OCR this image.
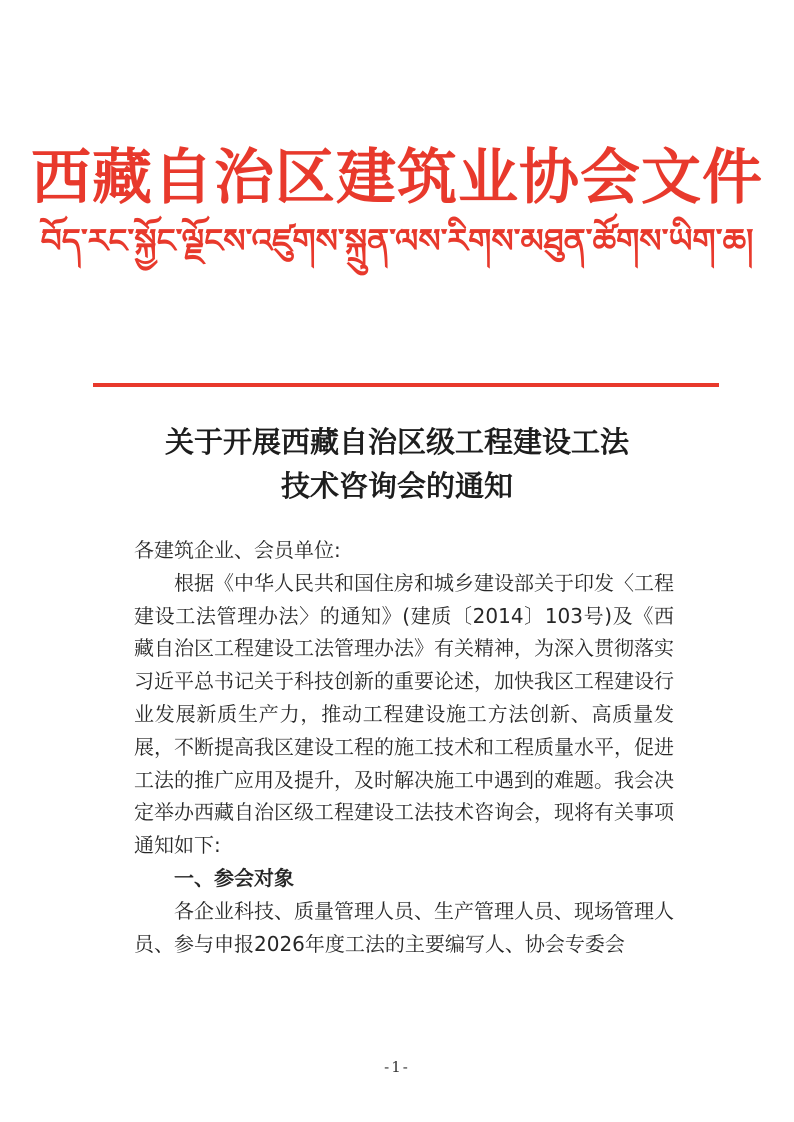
西藏自治区建筑业协会文件
བོད་རང་སྐྱོང་ལྗོངས་འཛུགས་སྐྲུན་ལས་རིགས་མཐུན་ཚོགས་ཡིག་ཆ།
关于开展西藏自治区级工程建设工法
技术咨询会的通知

各建筑企业、会员单位:

根据《中华人民共和国住房和城乡建设部关于印发〈工程建设工法管理办法〉的通知》(建质〔2014〕103号)及《西藏自治区工程建设工法管理办法》有关精神，为深入贯彻落实习近平总书记关于科技创新的重要论述，加快我区工程建设行业发展新质生产力，推动工程建设施工方法创新、高质量发展，不断提高我区建设工程的施工技术和工程质量水平，促进工法的推广应用及提升，及时解决施工中遇到的难题。我会决定举办西藏自治区级工程建设工法技术咨询会，现将有关事项通知如下:

一、参会对象

各企业科技、质量管理人员、生产管理人员、现场管理人员、参与申报2026年度工法的主要编写人、协会专委会

-1-
